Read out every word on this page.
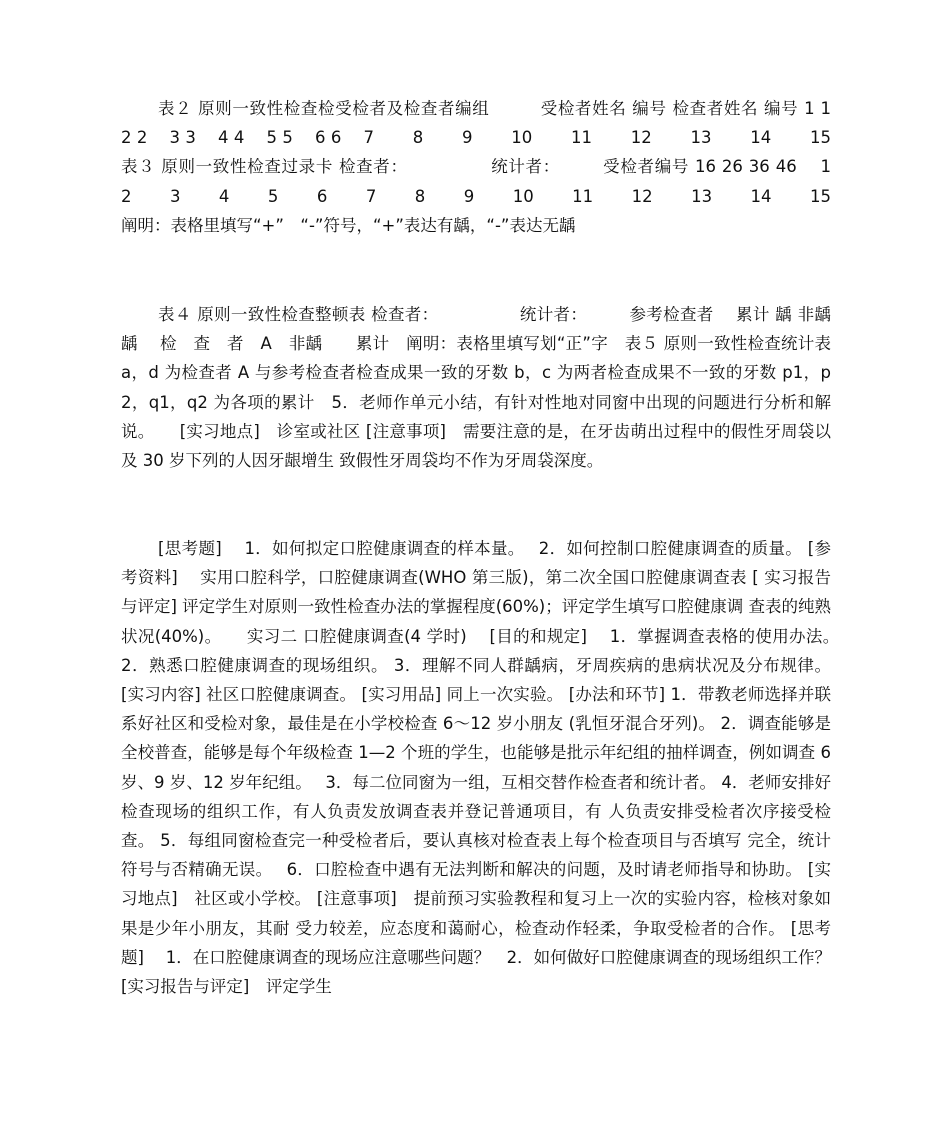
表２ 原则一致性检查检受检者及检查者编组　　　受检者姓名 编号 检查者姓名 编号 1 1　 2 2　 3 3　 4 4　 5 5　 6 6　 7　　 8　　 9　　 10　　 11　　 12　　 13　　 14　　 15　　表３ 原则一致性检查过录卡 检查者：　　　　　 统计者：　　　受检者编号 16 26 36 46　 1　　 2　　 3　　 4　　 5　　 6　　 7　　 8　　 9　　 10　　 11　　 12　　 13　　 14　　 15　　阐明：表格里填写“+”　“-”符号，“+”表达有龋，“-”表达无龋

表４ 原则一致性检查整顿表 检查者：　　　　　 统计者：　　　参考检查者　 累计 龋 非龋　 龋　 检　查　者　A　非龋　　累计　阐明：表格里填写划“正”字　表５ 原则一致性检查统计表　　　　　 a，d 为检查者 A 与参考检查者检查成果一致的牙数 b，c 为两者检查成果不一致的牙数 p1，p2，q1，q2 为各项的累计　5．老师作单元小结，有针对性地对同窗中出现的问题进行分析和解说。　　[实习地点]　诊室或社区 [注意事项]　需要注意的是，在牙齿萌出过程中的假性牙周袋以及 30 岁下列的人因牙龈增生 致假性牙周袋均不作为牙周袋深度。

[思考题]　 1．如何拟定口腔健康调查的样本量。　 2．如何控制口腔健康调查的质量。 [参考资料]　 实用口腔科学，口腔健康调查(WHO 第三版)，第二次全国口腔健康调查表 [ 实习报告与评定] 评定学生对原则一致性检查办法的掌握程度(60%)；评定学生填写口腔健康调 查表的纯熟状况(40%)。　　实习二 口腔健康调查(4 学时)　 [目的和规定]　 1．掌握调查表格的使用办法。　 2．熟悉口腔健康调查的现场组织。 3．理解不同人群龋病，牙周疾病的患病状况及分布规律。 [实习内容] 社区口腔健康调查。 [实习用品] 同上一次实验。 [办法和环节] 1．带教老师选择并联系好社区和受检对象，最佳是在小学校检查 6～12 岁小朋友 (乳恒牙混合牙列)。 2．调查能够是全校普查，能够是每个年级检查 1—2 个班的学生，也能够是批示年纪组的抽样调查，例如调查 6 岁、9 岁、12 岁年纪组。　 3．每二位同窗为一组，互相交替作检查者和统计者。 4．老师安排好检查现场的组织工作，有人负责发放调查表并登记普通项目，有 人负责安排受检者次序接受检查。 5．每组同窗检查完一种受检者后，要认真核对检查表上每个检查项目与否填写 完全，统计符号与否精确无误。　 6．口腔检查中遇有无法判断和解决的问题，及时请老师指导和协助。 [实习地点]　社区或小学校。 [注意事项]　提前预习实验教程和复习上一次的实验内容，检核对象如果是少年小朋友，其耐 受力较差，应态度和蔼耐心，检查动作轻柔，争取受检者的合作。 [思考题]　 1．在口腔健康调查的现场应注意哪些问题？　2．如何做好口腔健康调查的现场组织工作？ [实习报告与评定]　评定学生
